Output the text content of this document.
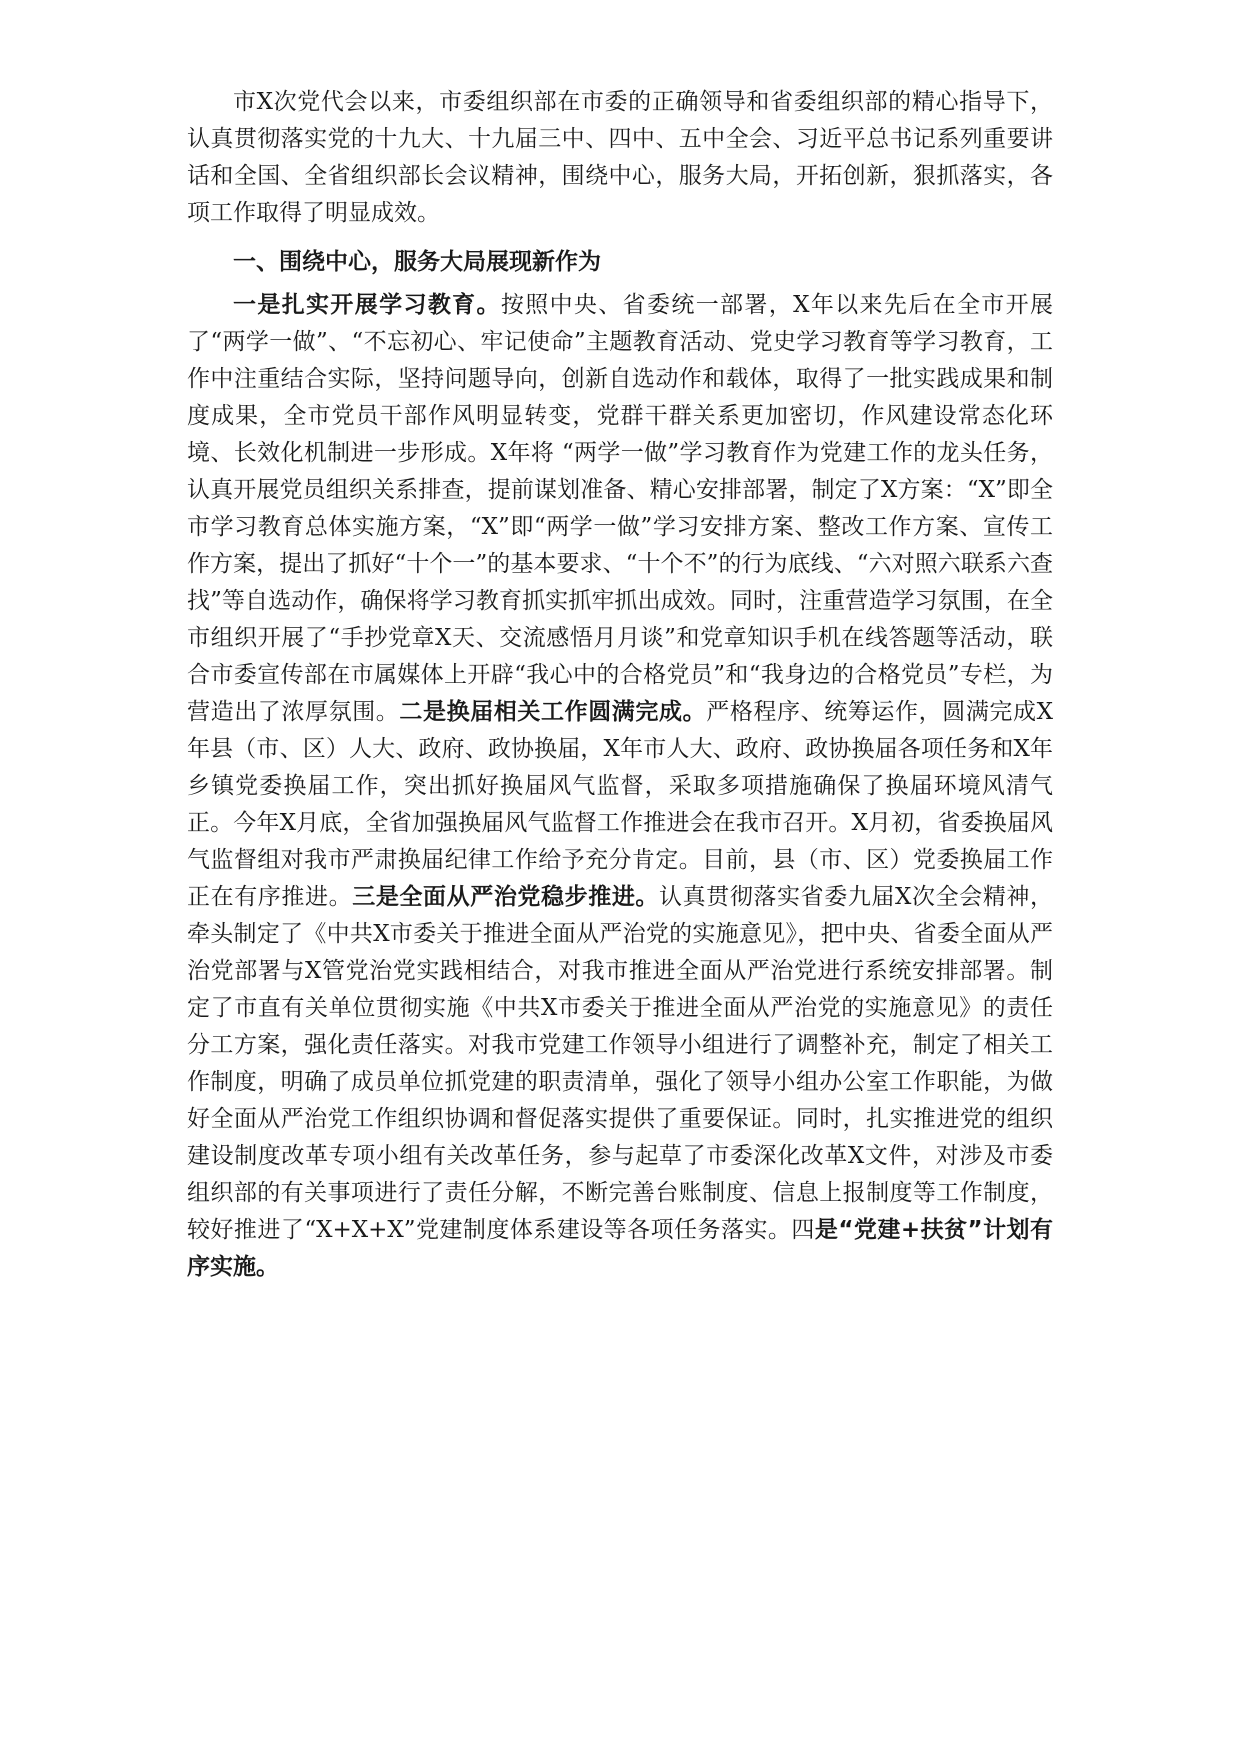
市X次党代会以来，市委组织部在市委的正确领导和省委组织部的精心指导下，认真贯彻落实党的十九大、十九届三中、四中、五中全会、习近平总书记系列重要讲话和全国、全省组织部长会议精神，围绕中心，服务大局，开拓创新，狠抓落实，各项工作取得了明显成效。

一、围绕中心，服务大局展现新作为

一是扎实开展学习教育。按照中央、省委统一部署，X年以来先后在全市开展了“两学一做”、“不忘初心、牢记使命”主题教育活动、党史学习教育等学习教育，工作中注重结合实际，坚持问题导向，创新自选动作和载体，取得了一批实践成果和制度成果，全市党员干部作风明显转变，党群干群关系更加密切，作风建设常态化环境、长效化机制进一步形成。X年将 “两学一做”学习教育作为党建工作的龙头任务，认真开展党员组织关系排查，提前谋划准备、精心安排部署，制定了X方案：“X”即全市学习教育总体实施方案，“X”即“两学一做”学习安排方案、整改工作方案、宣传工作方案，提出了抓好“十个一”的基本要求、“十个不”的行为底线、“六对照六联系六查找”等自选动作，确保将学习教育抓实抓牢抓出成效。同时，注重营造学习氛围，在全市组织开展了“手抄党章X天、交流感悟月月谈”和党章知识手机在线答题等活动，联合市委宣传部在市属媒体上开辟“我心中的合格党员”和“我身边的合格党员”专栏，为营造出了浓厚氛围。二是换届相关工作圆满完成。严格程序、统筹运作，圆满完成X年县（市、区）人大、政府、政协换届，X年市人大、政府、政协换届各项任务和X年乡镇党委换届工作，突出抓好换届风气监督，采取多项措施确保了换届环境风清气正。今年X月底，全省加强换届风气监督工作推进会在我市召开。X月初，省委换届风气监督组对我市严肃换届纪律工作给予充分肯定。目前，县（市、区）党委换届工作正在有序推进。三是全面从严治党稳步推进。认真贯彻落实省委九届X次全会精神，牵头制定了《中共X市委关于推进全面从严治党的实施意见》，把中央、省委全面从严治党部署与X管党治党实践相结合，对我市推进全面从严治党进行系统安排部署。制定了市直有关单位贯彻实施《中共X市委关于推进全面从严治党的实施意见》的责任分工方案，强化责任落实。对我市党建工作领导小组进行了调整补充，制定了相关工作制度，明确了成员单位抓党建的职责清单，强化了领导小组办公室工作职能，为做好全面从严治党工作组织协调和督促落实提供了重要保证。同时，扎实推进党的组织建设制度改革专项小组有关改革任务，参与起草了市委深化改革X文件，对涉及市委组织部的有关事项进行了责任分解，不断完善台账制度、信息上报制度等工作制度，较好推进了“X+X+X”党建制度体系建设等各项任务落实。四是“党建+扶贫”计划有序实施。
